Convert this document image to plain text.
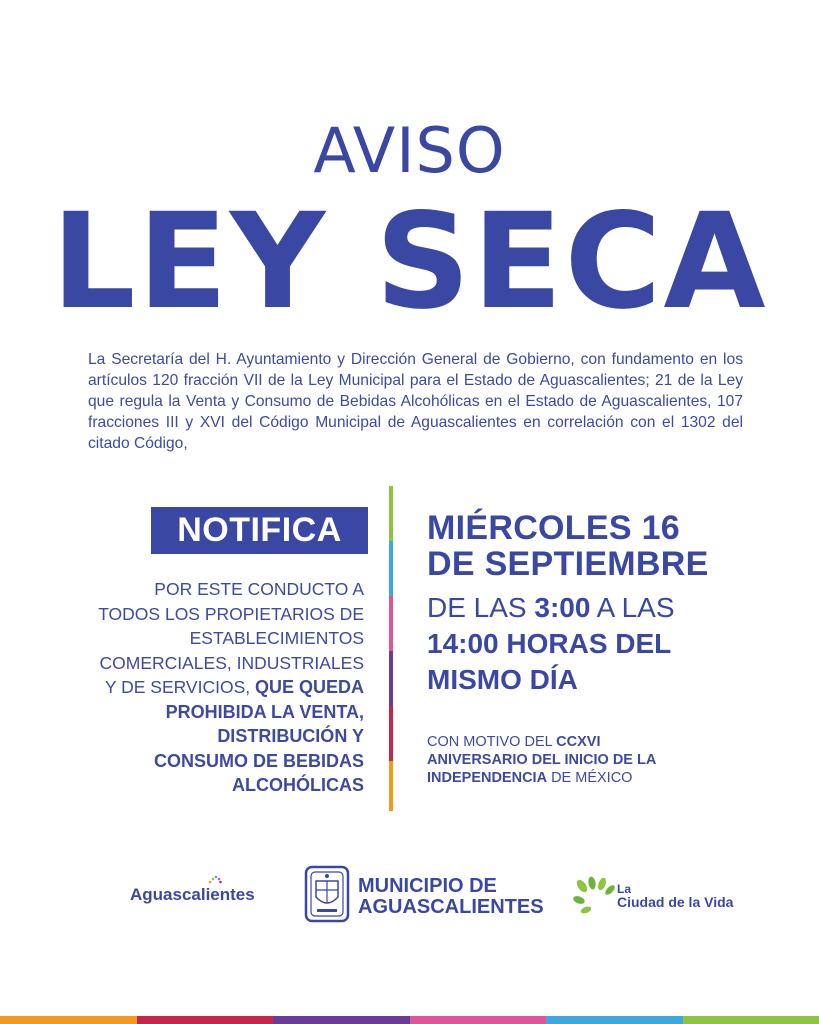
AVISO
LEY SECA

La Secretaría del H. Ayuntamiento y Dirección General de Gobierno, con fundamento en los artículos 120 fracción VII de la Ley Municipal para el Estado de Aguascalientes; 21 de la Ley que regula la Venta y Consumo de Bebidas Alcohólicas en el Estado de Aguascalientes, 107 fracciones III y XVI del Código Municipal de Aguascalientes en correlación con el 1302 del citado Código,

NOTIFICA
POR ESTE CONDUCTO A
TODOS LOS PROPIETARIOS DE
ESTABLECIMIENTOS
COMERCIALES, INDUSTRIALES
Y DE SERVICIOS, QUE QUEDA
PROHIBIDA LA VENTA,
DISTRIBUCIÓN Y
CONSUMO DE BEBIDAS
ALCOHÓLICAS
MIÉRCOLES 16
DE SEPTIEMBRE
DE LAS 3:00 A LAS
14:00 HORAS DEL
MISMO DÍA
CON MOTIVO DEL CCXVI
ANIVERSARIO DEL INICIO DE LA
INDEPENDENCIA DE MÉXICO
Aguascalientes	MUNICIPIO DE
AGUASCALIENTES
La
Ciudad de la Vida
